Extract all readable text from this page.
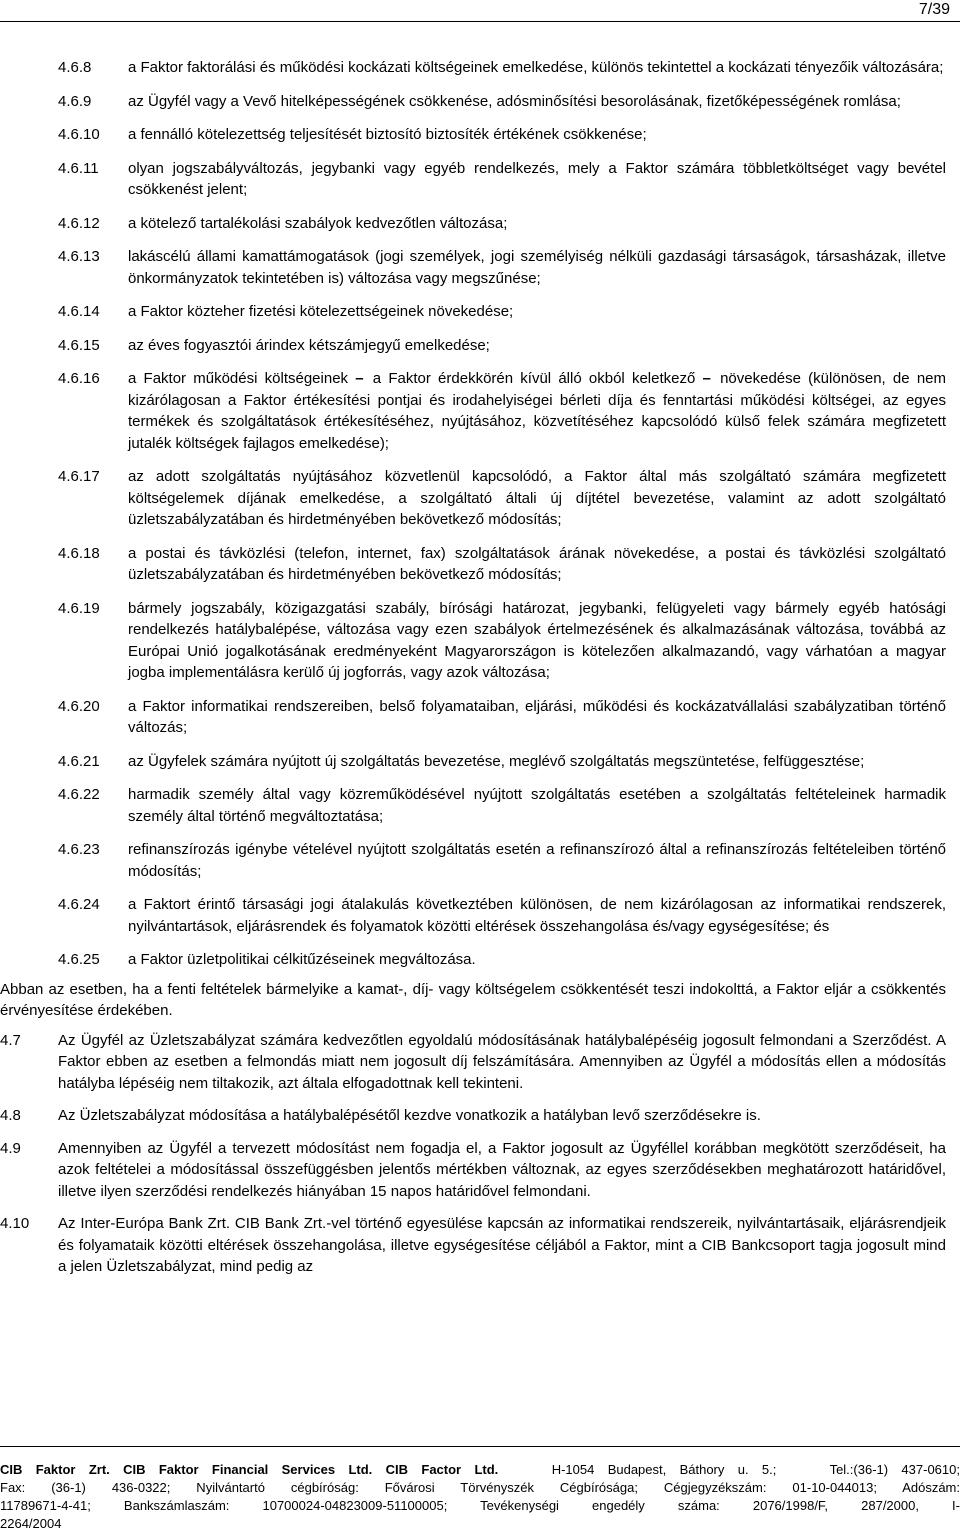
7/39
4.6.8	a Faktor faktorálási és működési kockázati költségeinek emelkedése, különös tekintettel a kockázati tényezőik változására;
4.6.9	az Ügyfél vagy a Vevő hitelképességének csökkenése, adósminősítési besorolásának, fizetőképességének romlása;
4.6.10	a fennálló kötelezettség teljesítését biztosító biztosíték értékének csökkenése;
4.6.11	olyan jogszabályváltozás, jegybanki vagy egyéb rendelkezés, mely a Faktor számára többletköltséget vagy bevétel csökkenést jelent;
4.6.12	a kötelező tartalékolási szabályok kedvezőtlen változása;
4.6.13	lakáscélú állami kamattámogatások (jogi személyek, jogi személyiség nélküli gazdasági társaságok, társasházak, illetve önkormányzatok tekintetében is) változása vagy megszűnése;
4.6.14	a Faktor közteher fizetési kötelezettségeinek növekedése;
4.6.15	az éves fogyasztói árindex kétszámjegyű emelkedése;
4.6.16	a Faktor működési költségeinek – a Faktor érdekkörén kívül álló okból keletkező – növekedése (különösen, de nem kizárólagosan a Faktor értékesítési pontjai és irodahelyiségei bérleti díja és fenntartási működési költségei, az egyes termékek és szolgáltatások értékesítéséhez, nyújtásához, közvetítéséhez kapcsolódó külső felek számára megfizetett jutalék költségek fajlagos emelkedése);
4.6.17	az adott szolgáltatás nyújtásához közvetlenül kapcsolódó, a Faktor által más szolgáltató számára megfizetett költségelemek díjának emelkedése, a szolgáltató általi új díjtétel bevezetése, valamint az adott szolgáltató üzletszabályzatában és hirdetményében bekövetkező módosítás;
4.6.18	a postai és távközlési (telefon, internet, fax) szolgáltatások árának növekedése, a postai és távközlési szolgáltató üzletszabályzatában és hirdetményében bekövetkező módosítás;
4.6.19	bármely jogszabály, közigazgatási szabály, bírósági határozat, jegybanki, felügyeleti vagy bármely egyéb hatósági rendelkezés hatálybalépése, változása vagy ezen szabályok értelmezésének és alkalmazásának változása, továbbá az Európai Unió jogalkotásának eredményeként Magyarországon is kötelezően alkalmazandó, vagy várhatóan a magyar jogba implementálásra kerülő új jogforrás, vagy azok változása;
4.6.20	a Faktor informatikai rendszereiben, belső folyamataiban, eljárási, működési és kockázatvállalási szabályzatiban történő változás;
4.6.21	az Ügyfelek számára nyújtott új szolgáltatás bevezetése, meglévő szolgáltatás megszüntetése, felfüggesztése;
4.6.22	harmadik személy által vagy közreműködésével nyújtott szolgáltatás esetében a szolgáltatás feltételeinek harmadik személy által történő megváltoztatása;
4.6.23	refinanszírozás igénybe vételével nyújtott szolgáltatás esetén a refinanszírozó által a refinanszírozás feltételeiben történő módosítás;
4.6.24	a Faktort érintő társasági jogi átalakulás következtében különösen, de nem kizárólagosan az informatikai rendszerek, nyilvántartások, eljárásrendek és folyamatok közötti eltérések összehangolása és/vagy egységesítése; és
4.6.25	a Faktor üzletpolitikai célkitűzéseinek megváltozása.

Abban az esetben, ha a fenti feltételek bármelyike a kamat-, díj- vagy költségelem csökkentését teszi indokolttá, a Faktor eljár a csökkentés érvényesítése érdekében.

4.7	Az Ügyfél az Üzletszabályzat számára kedvezőtlen egyoldalú módosításának hatálybalépéséig jogosult felmondani a Szerződést. A Faktor ebben az esetben a felmondás miatt nem jogosult díj felszámítására. Amennyiben az Ügyfél a módosítás ellen a módosítás hatályba lépéséig nem tiltakozik, azt általa elfogadottnak kell tekinteni.
4.8	Az Üzletszabályzat módosítása a hatálybalépésétől kezdve vonatkozik a hatályban levő szerződésekre is.
4.9	Amennyiben az Ügyfél a tervezett módosítást nem fogadja el, a Faktor jogosult az Ügyféllel korábban megkötött szerződéseit, ha azok feltételei a módosítással összefüggésben jelentős mértékben változnak, az egyes szerződésekben meghatározott határidővel, illetve ilyen szerződési rendelkezés hiányában 15 napos határidővel felmondani.
4.10	Az Inter-Európa Bank Zrt. CIB Bank Zrt.-vel történő egyesülése kapcsán az informatikai rendszereik, nyilvántartásaik, eljárásrendjeik és folyamataik közötti eltérések összehangolása, illetve egységesítése céljából a Faktor, mint a CIB Bankcsoport tagja jogosult mind a jelen Üzletszabályzat, mind pedig az
CIB Faktor Zrt. CIB Faktor Financial Services Ltd. CIB Factor Ltd.	H-1054 Budapest, Báthory u. 5.;	Tel.:(36-1) 437-0610;
Fax: (36-1) 436-0322; Nyilvántartó cégbíróság: Fővárosi Törvényszék Cégbírósága; Cégjegyzékszám: 01-10-044013; Adószám:
11789671-4-41; Bankszámlaszám: 10700024-04823009-51100005; Tevékenységi engedély száma: 2076/1998/F, 287/2000, I-
2264/2004
